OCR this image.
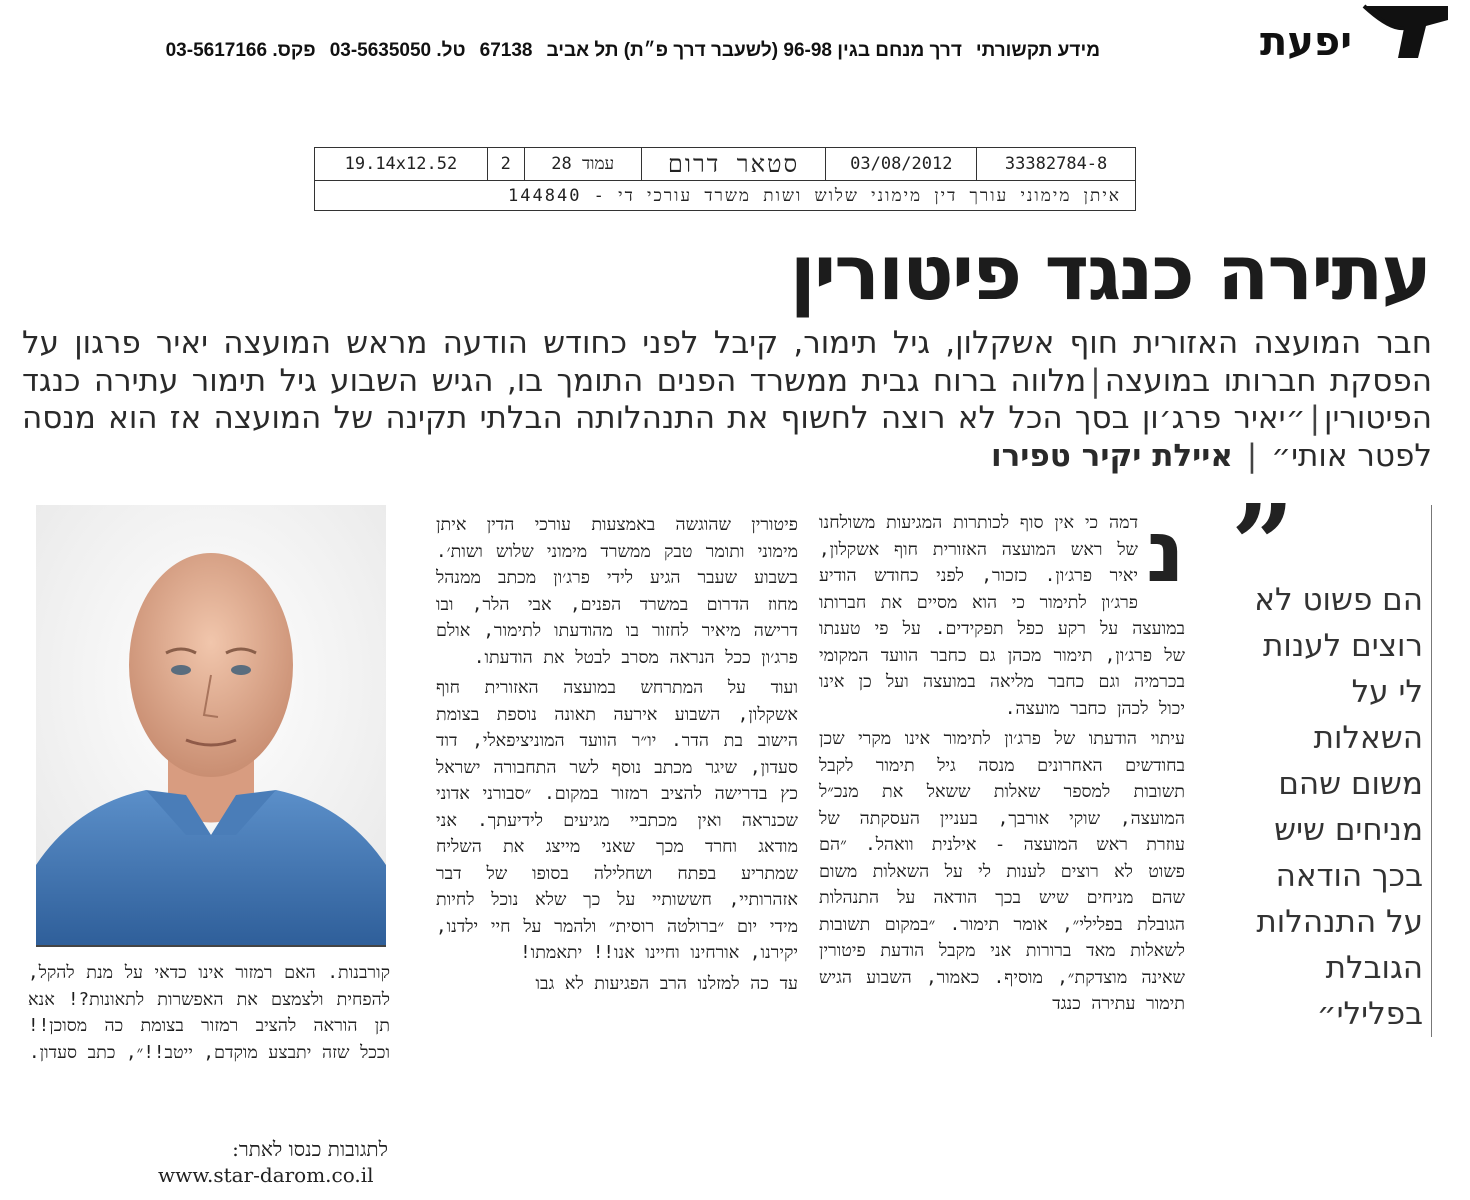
יפעת
מידע תקשורתידרך מנחם בגין 96-98 (לשעבר דרך פ״ת) תל אביב67138טל. 03-5635050פקס. 03-5617166
33382784-8
03/08/2012
סטאר דרום
עמוד 28
2
19.14x12.52
איתן מימוני עורך דין מימוני שלוש ושות משרד עורכי די - 144840
עתירה כנגד פיטורין
חבר המועצה האזורית חוף אשקלון, גיל תימור, קיבל לפני כחודש הודעה מראש המועצה יאיר פרגון על הפסקת חברותו במועצה|מלווה ברוח גבית ממשרד הפנים התומך בו, הגיש השבוע גיל תימור עתירה כנגד הפיטורין|״יאיר פרג׳ון בסך הכל לא רוצה לחשוף את התנהלותה הבלתי תקינה של המועצה אז הוא מנסה לפטר אותי״ | איילת יקיר טפירו
”
הם פשוט לא רוצים לענות לי על השאלות משום שהם מניחים שיש בכך הודאה על התנהלות הגובלת בפלילי״
נ

דמה כי אין סוף לכותרות המגיעות משולחנו של ראש המועצה האזורית חוף אשקלון, יאיר פרג׳ון. כזכור, לפני כחודש הודיע פרג׳ון לתימור כי הוא מסיים את חברותו במועצה על רקע כפל תפקידים. על פי טענתו של פרג׳ון, תימור מכהן גם כחבר הוועד המקומי בכרמיה וגם כחבר מליאה במועצה ועל כן אינו יכול לכהן כחבר מועצה.

עיתוי הודעתו של פרג׳ון לתימור אינו מקרי שכן בחודשים האחרונים מנסה גיל תימור לקבל תשובות למספר שאלות ששאל את מנכ״ל המועצה, שוקי אורבך, בעניין העסקתה של עוזרת ראש המועצה - אילנית וואהל. ״הם פשוט לא רוצים לענות לי על השאלות משום שהם מניחים שיש בכך הודאה על התנהלות הגובלת בפלילי״, אומר תימור. ״במקום תשובות לשאלות מאד ברורות אני מקבל הודעת פיטורין שאינה מוצדקת״, מוסיף. כאמור, השבוע הגיש תימור עתירה כנגד

פיטורין שהוגשה באמצעות עורכי הדין איתן מימוני ותומר טבק ממשרד מימוני שלוש ושות׳. בשבוע שעבר הגיע לידי פרג׳ון מכתב ממנהל מחוז הדרום במשרד הפנים, אבי הלר, ובו דרישה מיאיר לחזור בו מהודעתו לתימור, אולם פרג׳ון ככל הנראה מסרב לבטל את הודעתו.

ועוד על המתרחש במועצה האזורית חוף אשקלון, השבוע אירעה תאונה נוספת בצומת הישוב בת הדר. יו״ר הוועד המוניציפאלי, דוד סעדון, שיגר מכתב נוסף לשר התחבורה ישראל כץ בדרישה להציב רמזור במקום. ״סבורני אדוני שכנראה ואין מכתביי מגיעים לידיעתך. אני מודאג וחרד מכך שאני מייצג את השליח שמתריע בפתח ושחלילה בסופו של דבר אזהרותיי, חששותיי על כך שלא נוכל לחיות מידי יום ״ברולטה רוסית״ ולהמר על חיי ילדנו, יקירנו, אורחינו וחיינו אנו!! יתאמתו!

עד כה למזלנו הרב הפגיעות לא גבו

קורבנות. האם רמזור אינו כדאי על מנת להקל, להפחית ולצמצם את האפשרות לתאונות?! אנא תן הוראה להציב רמזור בצומת כה מסוכן!! וככל שזה יתבצע מוקדם, ייטב!!״, כתב סעדון.

לתגובות כנסו לאתר:
www.star-darom.co.il
